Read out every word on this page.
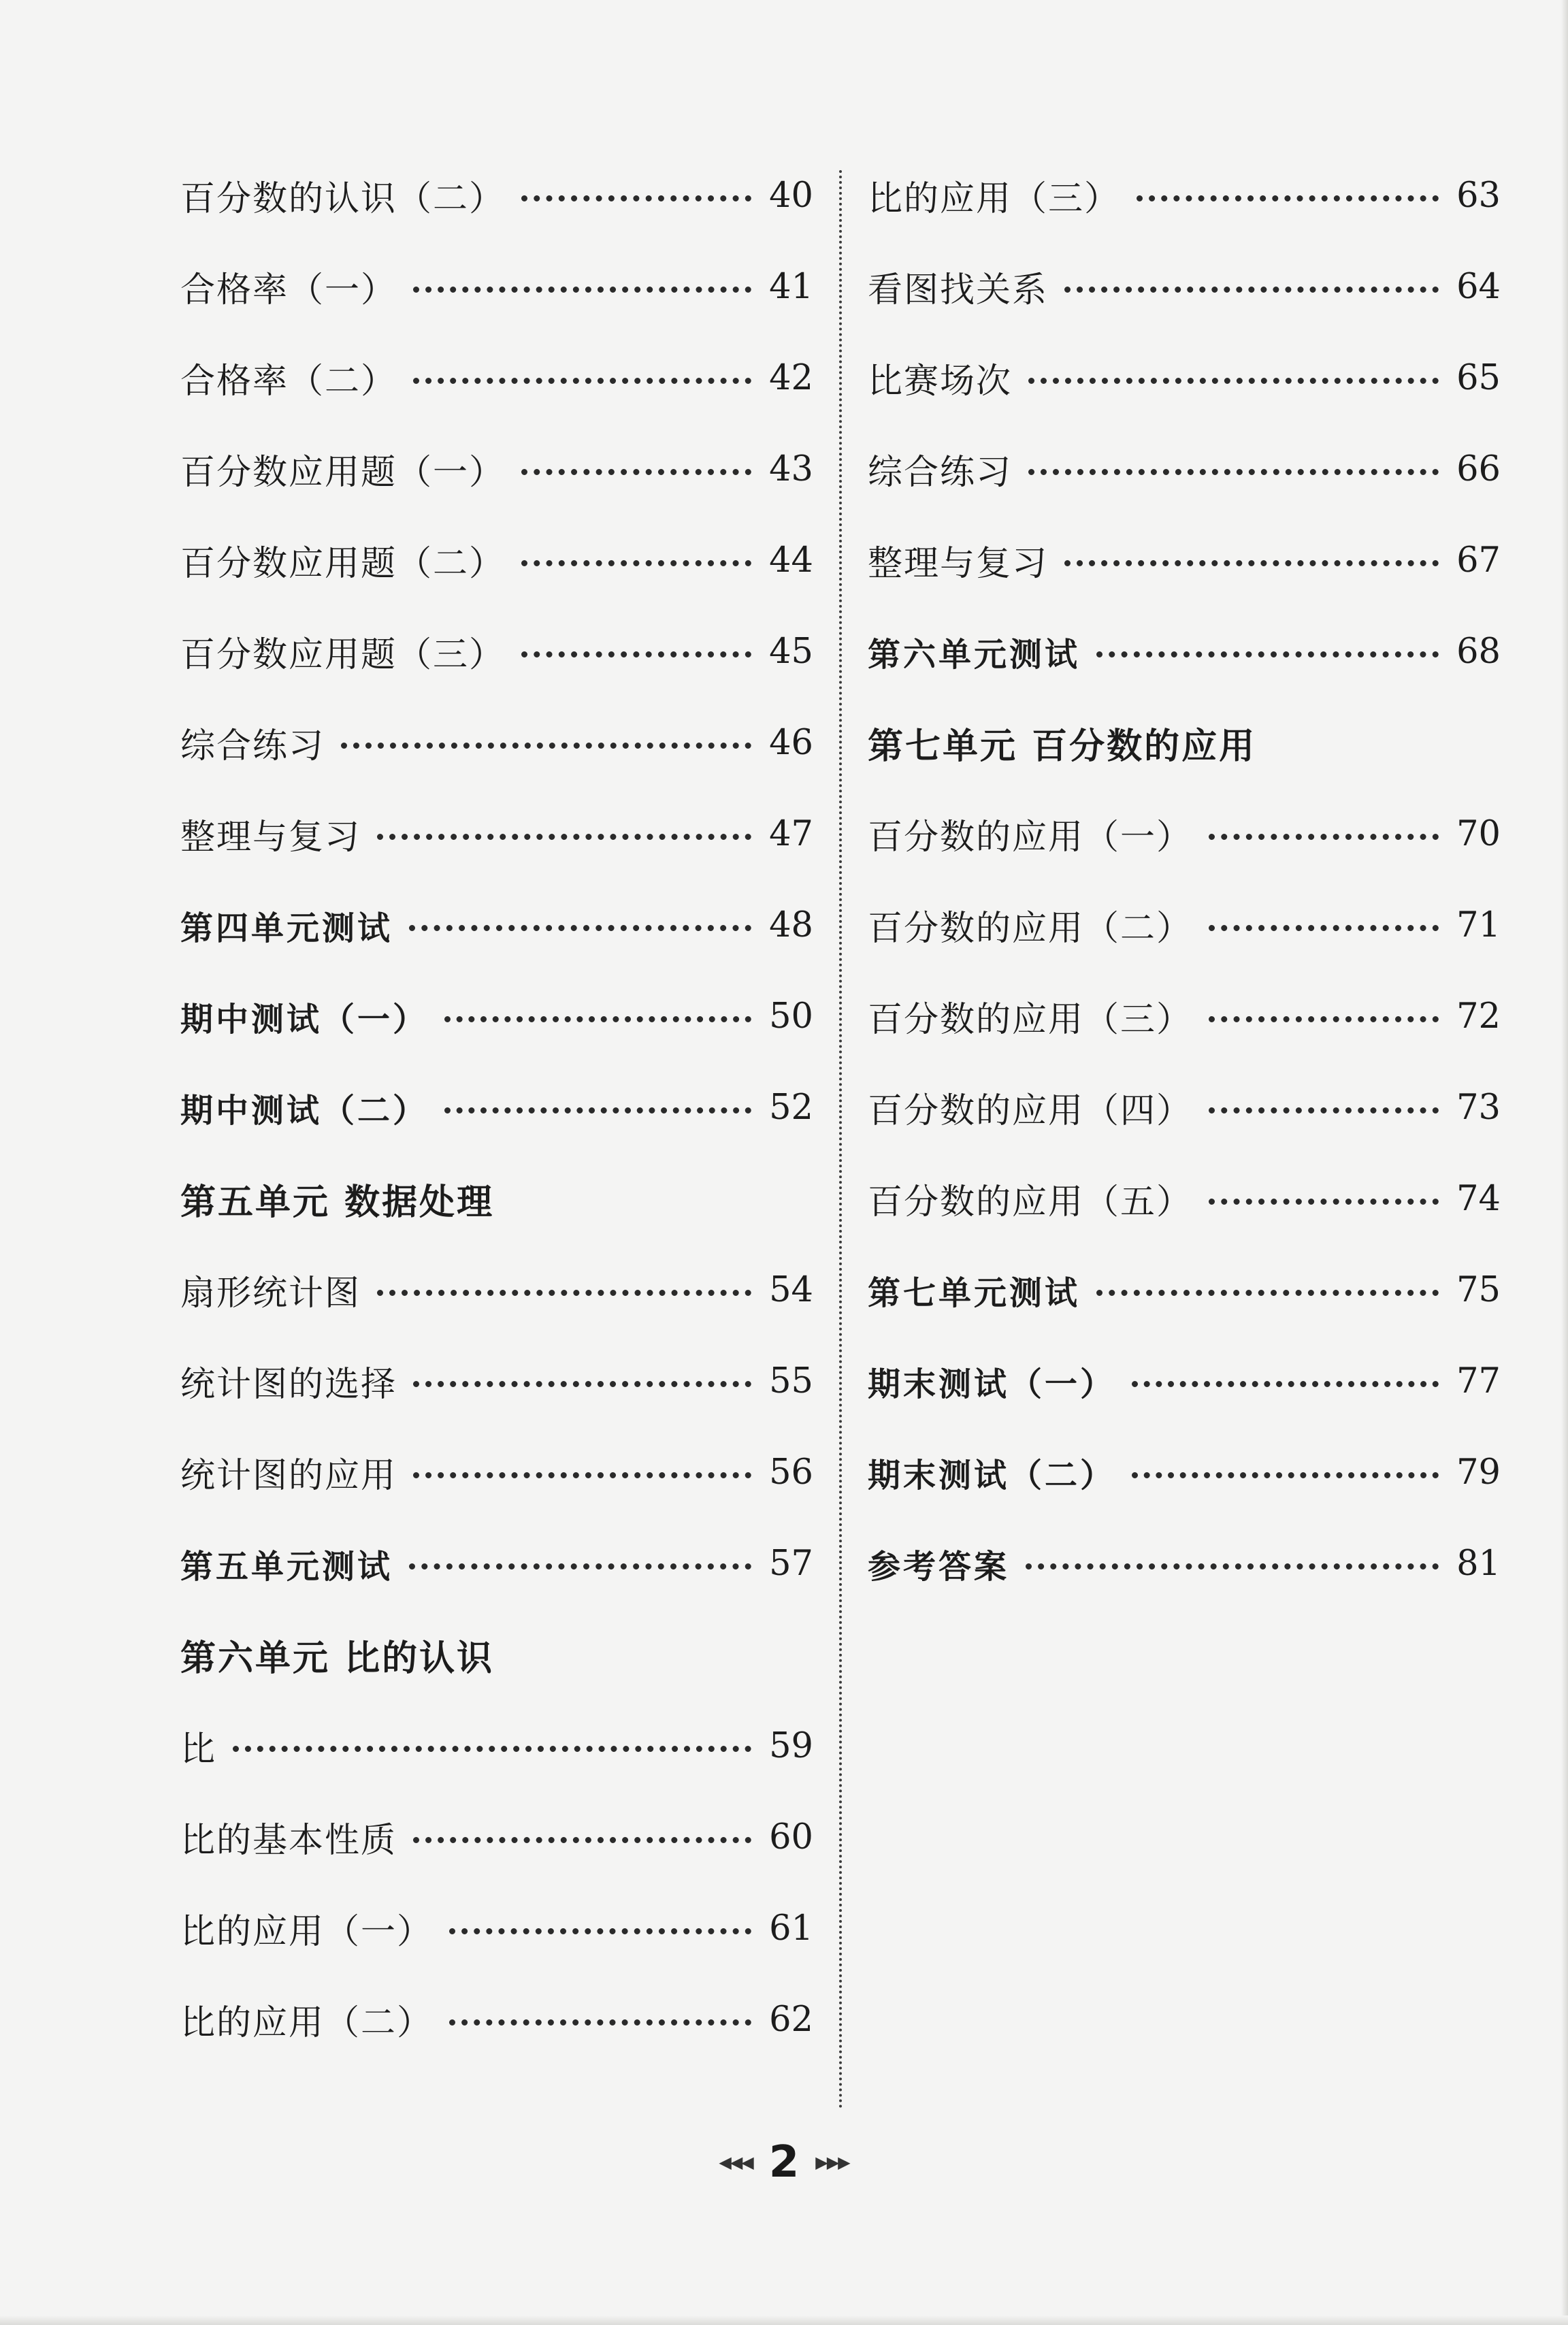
百分数的认识（二）	40
合格率（一）	41
合格率（二）	42
百分数应用题（一）	43
百分数应用题（二）	44
百分数应用题（三）	45
综合练习	46
整理与复习	47
第四单元测试	48
期中测试（一）	50
期中测试（二）	52
第五单元 数据处理
扇形统计图	54
统计图的选择	55
统计图的应用	56
第五单元测试	57
第六单元 比的认识
比	59
比的基本性质	60
比的应用（一）	61
比的应用（二）	62
比的应用（三）	63
看图找关系	64
比赛场次	65
综合练习	66
整理与复习	67
第六单元测试	68
第七单元 百分数的应用
百分数的应用（一）	70
百分数的应用（二）	71
百分数的应用（三）	72
百分数的应用（四）	73
百分数的应用（五）	74
第七单元测试	75
期末测试（一）	77
期末测试（二）	79
参考答案	81
◀◀◀ 2 ▶▶▶
